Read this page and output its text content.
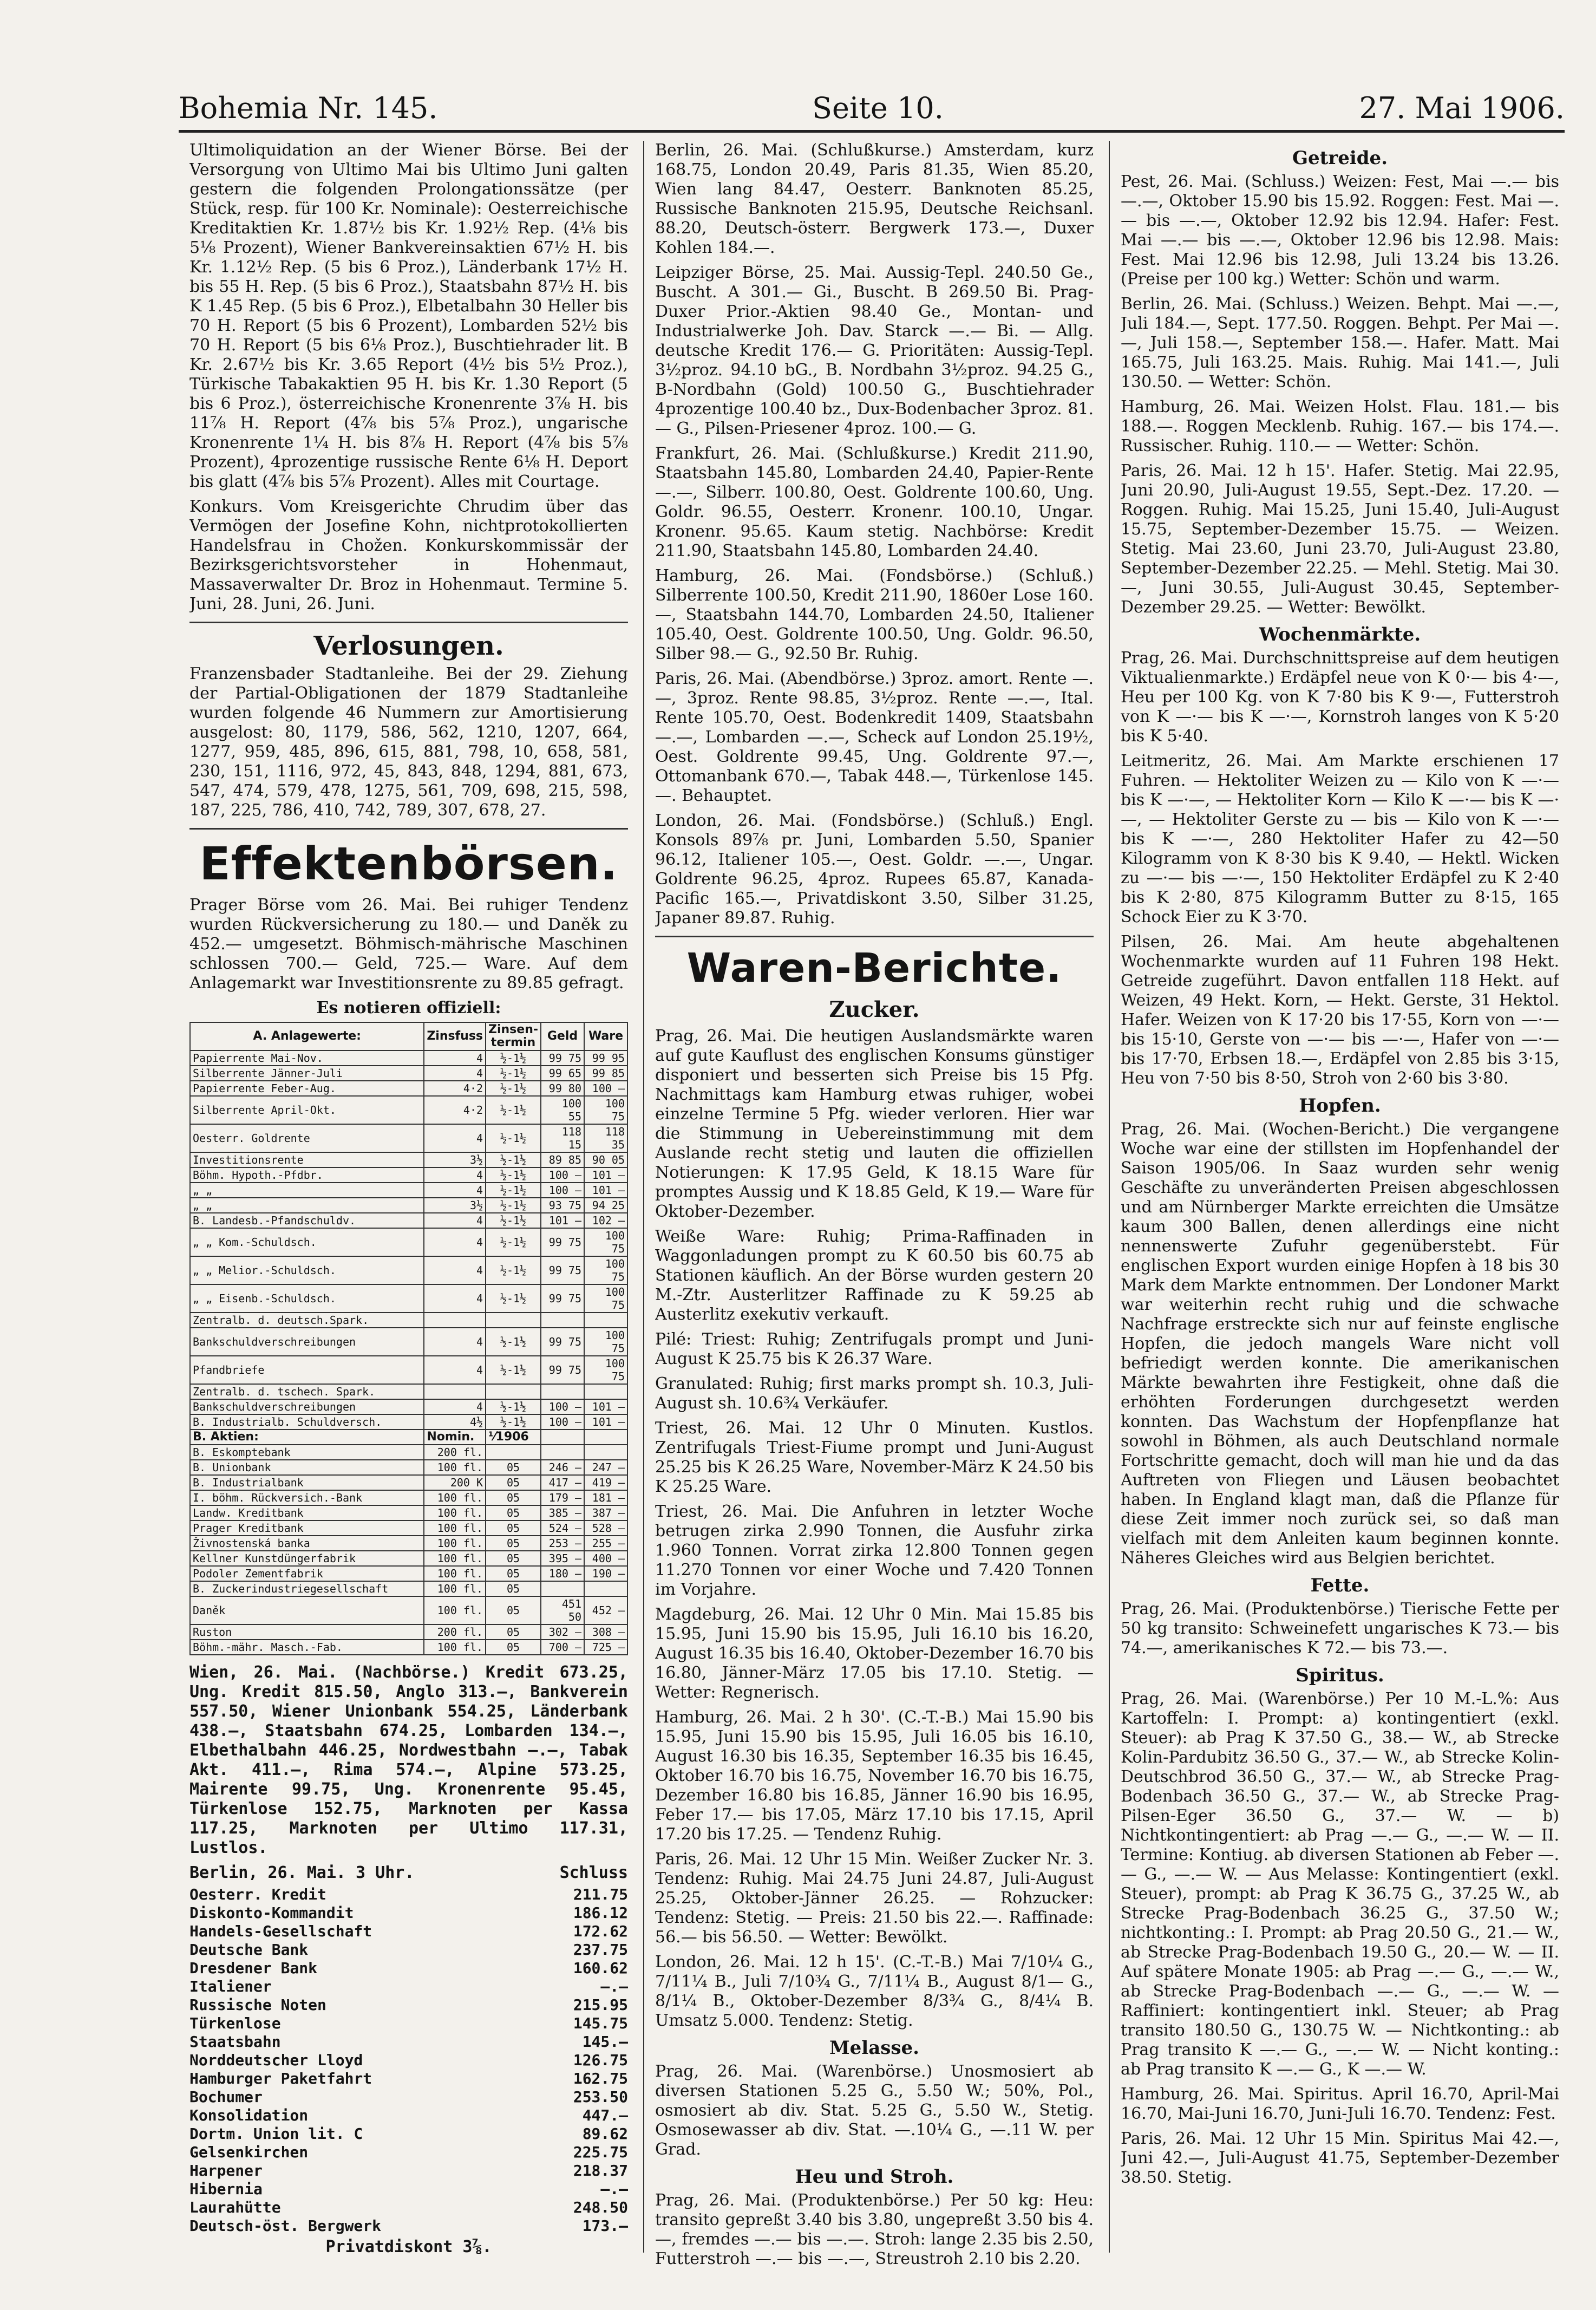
Bohemia Nr. 145.	Seite 10.	27. Mai 1906.

Ultimoliquidation an der Wiener Börse. Bei der Versorgung von Ultimo Mai bis Ultimo Juni galten gestern die folgenden Prolongationssätze (per Stück, resp. für 100 Kr. Nominale): Oesterreichische Kreditaktien Kr. 1.87½ bis Kr. 1.92½ Rep. (4⅛ bis 5⅛ Prozent), Wiener Bankvereinsaktien 67½ H. bis Kr. 1.12½ Rep. (5 bis 6 Proz.), Länderbank 17½ H. bis 55 H. Rep. (5 bis 6 Proz.), Staatsbahn 87½ H. bis K 1.45 Rep. (5 bis 6 Proz.), Elbetalbahn 30 Heller bis 70 H. Report (5 bis 6 Prozent), Lombarden 52½ bis 70 H. Report (5 bis 6⅛ Proz.), Buschtiehrader lit. B Kr. 2.67½ bis Kr. 3.65 Report (4½ bis 5½ Proz.), Türkische Tabakaktien 95 H. bis Kr. 1.30 Report (5 bis 6 Proz.), österreichische Kronenrente 3⅞ H. bis 11⅞ H. Report (4⅞ bis 5⅞ Proz.), ungarische Kronenrente 1¼ H. bis 8⅞ H. Report (4⅞ bis 5⅞ Prozent), 4prozentige russische Rente 6⅛ H. Deport bis glatt (4⅞ bis 5⅞ Prozent). Alles mit Courtage.

Konkurs. Vom Kreisgerichte Chrudim über das Vermögen der Josefine Kohn, nichtprotokollierten Handelsfrau in Chožen. Konkurskommissär der Bezirksgerichtsvorsteher in Hohenmaut, Massaverwalter Dr. Broz in Hohenmaut. Termine 5. Juni, 28. Juni, 26. Juni.

Verlosungen.

Franzensbader Stadtanleihe. Bei der 29. Ziehung der Partial-Obligationen der 1879 Stadtanleihe wurden folgende 46 Nummern zur Amortisierung ausgelost: 80, 1179, 586, 562, 1210, 1207, 664, 1277, 959, 485, 896, 615, 881, 798, 10, 658, 581, 230, 151, 1116, 972, 45, 843, 848, 1294, 881, 673, 547, 474, 579, 478, 1275, 561, 709, 698, 215, 598, 187, 225, 786, 410, 742, 789, 307, 678, 27.

Effektenbörsen.

Prager Börse vom 26. Mai. Bei ruhiger Tendenz wurden Rückversicherung zu 180.— und Daněk zu 452.— umgesetzt. Böhmisch-mährische Maschinen schlossen 700.— Geld, 725.— Ware. Auf dem Anlagemarkt war Investitionsrente zu 89.85 gefragt.

Es notieren offiziell:
A. Anlagewerte:	Zinsfuss	Zinsen-termin	Geld	Ware
Papierrente Mai-Nov.	4	½-1½	99 75	99 95
Silberrente Jänner-Juli	4	½-1½	99 65	99 85
Papierrente Feber-Aug.	4·2	½-1½	99 80	100 —
Silberrente April-Okt.	4·2	½-1½	100 55	100 75
Oesterr. Goldrente	4	½-1½	118 15	118 35
Investitionsrente	3½	½-1½	89 85	90 05
Böhm. Hypoth.-Pfdbr.	4	½-1½	100 —	101 —
„ „	4	½-1½	100 —	101 —
„ „	3½	½-1½	93 75	94 25
B. Landesb.-Pfandschuldv.	4	½-1½	101 —	102 —
„ „ Kom.-Schuldsch.	4	½-1½	99 75	100 75
„ „ Melior.-Schuldsch.	4	½-1½	99 75	100 75
„ „ Eisenb.-Schuldsch.	4	½-1½	99 75	100 75
Zentralb. d. deutsch.Spark.				
Bankschuldverschreibungen	4	½-1½	99 75	100 75
Pfandbriefe	4	½-1½	99 75	100 75
Zentralb. d. tschech. Spark.				
Bankschuldverschreibungen	4	½-1½	100 —	101 —
B. Industrialb. Schuldversch.	4½	½-1½	100 —	101 —
B. Aktien:	Nomin.	⅟1906		
B. Eskomptebank	200 fl.			
B. Unionbank	100 fl.	05	246 —	247 —
B. Industrialbank	200 K	05	417 —	419 —
I. böhm. Rückversich.-Bank	100 fl.	05	179 —	181 —
Landw. Kreditbank	100 fl.	05	385 —	387 —
Prager Kreditbank	100 fl.	05	524 —	528 —
Živnostenská banka	100 fl.	05	253 —	255 —
Kellner Kunstdüngerfabrik	100 fl.	05	395 —	400 —
Podoler Zementfabrik	100 fl.	05	180 —	190 —
B. Zuckerindustriegesellschaft	100 fl.	05		
Daněk	100 fl.	05	451 50	452 —
Ruston	200 fl.	05	302 —	308 —
Böhm.-mähr. Masch.-Fab.	100 fl.	05	700 —	725 —

Wien, 26. Mai. (Nachbörse.) Kredit 673.25, Ung. Kredit 815.50, Anglo 313.—, Bankverein 557.50, Wiener Unionbank 554.25, Länderbank 438.—, Staatsbahn 674.25, Lombarden 134.—, Elbethalbahn 446.25, Nordwestbahn —.—, Tabak Akt. 411.—, Rima 574.—, Alpine 573.25, Mairente 99.75, Ung. Kronenrente 95.45, Türkenlose 152.75, Marknoten per Kassa 117.25, Marknoten per Ultimo 117.31, Lustlos.

Berlin, 26. Mai. 3 Uhr.	Schluss
Oesterr. Kredit	211.75
Diskonto-Kommandit	186.12
Handels-Gesellschaft	172.62
Deutsche Bank	237.75
Dresdener Bank	160.62
Italiener	—.—
Russische Noten	215.95
Türkenlose	145.75
Staatsbahn	145.—
Norddeutscher Lloyd	126.75
Hamburger Paketfahrt	162.75
Bochumer	253.50
Konsolidation	447.—
Dortm. Union lit. C	89.62
Gelsenkirchen	225.75
Harpener	218.37
Hibernia	—.—
Laurahütte	248.50
Deutsch-öst. Bergwerk	173.—
Privatdiskont 3⅞.

Berlin, 26. Mai. (Schlußkurse.) Amsterdam, kurz 168.75, London 20.49, Paris 81.35, Wien 85.20, Wien lang 84.47, Oesterr. Banknoten 85.25, Russische Banknoten 215.95, Deutsche Reichsanl. 88.20, Deutsch-österr. Bergwerk 173.—, Duxer Kohlen 184.—.

Leipziger Börse, 25. Mai. Aussig-Tepl. 240.50 Ge., Buscht. A 301.— Gi., Buscht. B 269.50 Bi. Prag-Duxer Prior.-Aktien 98.40 Ge., Montan- und Industrialwerke Joh. Dav. Starck —.— Bi. — Allg. deutsche Kredit 176.— G. Prioritäten: Aussig-Tepl. 3½proz. 94.10 bG., B. Nordbahn 3½proz. 94.25 G., B-Nordbahn (Gold) 100.50 G., Buschtiehrader 4prozentige 100.40 bz., Dux-Bodenbacher 3proz. 81.— G., Pilsen-Priesener 4proz. 100.— G.

Frankfurt, 26. Mai. (Schlußkurse.) Kredit 211.90, Staatsbahn 145.80, Lombarden 24.40, Papier-Rente —.—, Silberr. 100.80, Oest. Goldrente 100.60, Ung. Goldr. 96.55, Oesterr. Kronenr. 100.10, Ungar. Kronenr. 95.65. Kaum stetig. Nachbörse: Kredit 211.90, Staatsbahn 145.80, Lombarden 24.40.

Hamburg, 26. Mai. (Fondsbörse.) (Schluß.) Silberrente 100.50, Kredit 211.90, 1860er Lose 160.—, Staatsbahn 144.70, Lombarden 24.50, Italiener 105.40, Oest. Goldrente 100.50, Ung. Goldr. 96.50, Silber 98.— G., 92.50 Br. Ruhig.

Paris, 26. Mai. (Abendbörse.) 3proz. amort. Rente —.—, 3proz. Rente 98.85, 3½proz. Rente —.—, Ital. Rente 105.70, Oest. Bodenkredit 1409, Staatsbahn —.—, Lombarden —.—, Scheck auf London 25.19½, Oest. Goldrente 99.45, Ung. Goldrente 97.—, Ottomanbank 670.—, Tabak 448.—, Türkenlose 145.—. Behauptet.

London, 26. Mai. (Fondsbörse.) (Schluß.) Engl. Konsols 89⅞ pr. Juni, Lombarden 5.50, Spanier 96.12, Italiener 105.—, Oest. Goldr. —.—, Ungar. Goldrente 96.25, 4proz. Rupees 65.87, Kanada-Pacific 165.—, Privatdiskont 3.50, Silber 31.25, Japaner 89.87. Ruhig.

Waren-Berichte.
Zucker.

Prag, 26. Mai. Die heutigen Auslandsmärkte waren auf gute Kauflust des englischen Konsums günstiger disponiert und besserten sich Preise bis 15 Pfg. Nachmittags kam Hamburg etwas ruhiger, wobei einzelne Termine 5 Pfg. wieder verloren. Hier war die Stimmung in Uebereinstimmung mit dem Auslande recht stetig und lauten die offiziellen Notierungen: K 17.95 Geld, K 18.15 Ware für promptes Aussig und K 18.85 Geld, K 19.— Ware für Oktober-Dezember.

Weiße Ware: Ruhig; Prima-Raffinaden in Waggonladungen prompt zu K 60.50 bis 60.75 ab Stationen käuflich. An der Börse wurden gestern 20 M.-Ztr. Austerlitzer Raffinade zu K 59.25 ab Austerlitz exekutiv verkauft.

Pilé: Triest: Ruhig; Zentrifugals prompt und Juni-August K 25.75 bis K 26.37 Ware.

Granulated: Ruhig; first marks prompt sh. 10.3, Juli-August sh. 10.6¾ Verkäufer.

Triest, 26. Mai. 12 Uhr 0 Minuten. Kustlos. Zentrifugals Triest-Fiume prompt und Juni-August 25.25 bis K 26.25 Ware, November-März K 24.50 bis K 25.25 Ware.

Triest, 26. Mai. Die Anfuhren in letzter Woche betrugen zirka 2.990 Tonnen, die Ausfuhr zirka 1.960 Tonnen. Vorrat zirka 12.800 Tonnen gegen 11.270 Tonnen vor einer Woche und 7.420 Tonnen im Vorjahre.

Magdeburg, 26. Mai. 12 Uhr 0 Min. Mai 15.85 bis 15.95, Juni 15.90 bis 15.95, Juli 16.10 bis 16.20, August 16.35 bis 16.40, Oktober-Dezember 16.70 bis 16.80, Jänner-März 17.05 bis 17.10. Stetig. — Wetter: Regnerisch.

Hamburg, 26. Mai. 2 h 30'. (C.-T.-B.) Mai 15.90 bis 15.95, Juni 15.90 bis 15.95, Juli 16.05 bis 16.10, August 16.30 bis 16.35, September 16.35 bis 16.45, Oktober 16.70 bis 16.75, November 16.70 bis 16.75, Dezember 16.80 bis 16.85, Jänner 16.90 bis 16.95, Feber 17.— bis 17.05, März 17.10 bis 17.15, April 17.20 bis 17.25. — Tendenz Ruhig.

Paris, 26. Mai. 12 Uhr 15 Min. Weißer Zucker Nr. 3. Tendenz: Ruhig. Mai 24.75 Juni 24.87, Juli-August 25.25, Oktober-Jänner 26.25. — Rohzucker: Tendenz: Stetig. — Preis: 21.50 bis 22.—. Raffinade: 56.— bis 56.50. — Wetter: Bewölkt.

London, 26. Mai. 12 h 15'. (C.-T.-B.) Mai 7/10¼ G., 7/11¼ B., Juli 7/10¾ G., 7/11¼ B., August 8/1— G., 8/1¼ B., Oktober-Dezember 8/3¾ G., 8/4¼ B. Umsatz 5.000. Tendenz: Stetig.

Melasse.

Prag, 26. Mai. (Warenbörse.) Unosmosiert ab diversen Stationen 5.25 G., 5.50 W.; 50%, Pol., osmosiert ab div. Stat. 5.25 G., 5.50 W., Stetig. Osmosewasser ab div. Stat. —.10¼ G., —.11 W. per Grad.

Heu und Stroh.

Prag, 26. Mai. (Produktenbörse.) Per 50 kg: Heu: transito gepreßt 3.40 bis 3.80, ungepreßt 3.50 bis 4.—, fremdes —.— bis —.—. Stroh: lange 2.35 bis 2.50, Futterstroh —.— bis —.—, Streustroh 2.10 bis 2.20.

Getreide.

Pest, 26. Mai. (Schluss.) Weizen: Fest, Mai —.— bis —.—, Oktober 15.90 bis 15.92. Roggen: Fest. Mai —.— bis —.—, Oktober 12.92 bis 12.94. Hafer: Fest. Mai —.— bis —.—, Oktober 12.96 bis 12.98. Mais: Fest. Mai 12.96 bis 12.98, Juli 13.24 bis 13.26. (Preise per 100 kg.) Wetter: Schön und warm.

Berlin, 26. Mai. (Schluss.) Weizen. Behpt. Mai —.—, Juli 184.—, Sept. 177.50. Roggen. Behpt. Per Mai —.—, Juli 158.—, September 158.—. Hafer. Matt. Mai 165.75, Juli 163.25. Mais. Ruhig. Mai 141.—, Juli 130.50. — Wetter: Schön.

Hamburg, 26. Mai. Weizen Holst. Flau. 181.— bis 188.—. Roggen Mecklenb. Ruhig. 167.— bis 174.—. Russischer. Ruhig. 110.— — Wetter: Schön.

Paris, 26. Mai. 12 h 15'. Hafer. Stetig. Mai 22.95, Juni 20.90, Juli-August 19.55, Sept.-Dez. 17.20. — Roggen. Ruhig. Mai 15.25, Juni 15.40, Juli-August 15.75, September-Dezember 15.75. — Weizen. Stetig. Mai 23.60, Juni 23.70, Juli-August 23.80, September-Dezember 22.25. — Mehl. Stetig. Mai 30.—, Juni 30.55, Juli-August 30.45, September-Dezember 29.25. — Wetter: Bewölkt.

Wochenmärkte.

Prag, 26. Mai. Durchschnittspreise auf dem heutigen Viktualienmarkte.) Erdäpfel neue von K 0·— bis 4·—, Heu per 100 Kg. von K 7·80 bis K 9·—, Futterstroh von K —·— bis K —·—, Kornstroh langes von K 5·20 bis K 5·40.

Leitmeritz, 26. Mai. Am Markte erschienen 17 Fuhren. — Hektoliter Weizen zu — Kilo von K —·— bis K —·—, — Hektoliter Korn — Kilo K —·— bis K —·—, — Hektoliter Gerste zu — bis — Kilo von K —·— bis K —·—, 280 Hektoliter Hafer zu 42—50 Kilogramm von K 8·30 bis K 9.40, — Hektl. Wicken zu —·— bis —·—, 150 Hektoliter Erdäpfel zu K 2·40 bis K 2·80, 875 Kilogramm Butter zu 8·15, 165 Schock Eier zu K 3·70.

Pilsen, 26. Mai. Am heute abgehaltenen Wochenmarkte wurden auf 11 Fuhren 198 Hekt. Getreide zugeführt. Davon entfallen 118 Hekt. auf Weizen, 49 Hekt. Korn, — Hekt. Gerste, 31 Hektol. Hafer. Weizen von K 17·20 bis 17·55, Korn von —·— bis 15·10, Gerste von —·— bis —·—, Hafer von —·— bis 17·70, Erbsen 18.—, Erdäpfel von 2.85 bis 3·15, Heu von 7·50 bis 8·50, Stroh von 2·60 bis 3·80.

Hopfen.

Prag, 26. Mai. (Wochen-Bericht.) Die vergangene Woche war eine der stillsten im Hopfenhandel der Saison 1905/06. In Saaz wurden sehr wenig Geschäfte zu unveränderten Preisen abgeschlossen und am Nürnberger Markte erreichten die Umsätze kaum 300 Ballen, denen allerdings eine nicht nennenswerte Zufuhr gegenüberstebt. Für englischen Export wurden einige Hopfen à 18 bis 30 Mark dem Markte entnommen. Der Londoner Markt war weiterhin recht ruhig und die schwache Nachfrage erstreckte sich nur auf feinste englische Hopfen, die jedoch mangels Ware nicht voll befriedigt werden konnte. Die amerikanischen Märkte bewahrten ihre Festigkeit, ohne daß die erhöhten Forderungen durchgesetzt werden konnten. Das Wachstum der Hopfenpflanze hat sowohl in Böhmen, als auch Deutschland normale Fortschritte gemacht, doch will man hie und da das Auftreten von Fliegen und Läusen beobachtet haben. In England klagt man, daß die Pflanze für diese Zeit immer noch zurück sei, so daß man vielfach mit dem Anleiten kaum beginnen konnte. Näheres Gleiches wird aus Belgien berichtet.

Fette.

Prag, 26. Mai. (Produktenbörse.) Tierische Fette per 50 kg transito: Schweinefett ungarisches K 73.— bis 74.—, amerikanisches K 72.— bis 73.—.

Spiritus.

Prag, 26. Mai. (Warenbörse.) Per 10 M.-L.%: Aus Kartoffeln: I. Prompt: a) kontingentiert (exkl. Steuer): ab Prag K 37.50 G., 38.— W., ab Strecke Kolin-Pardubitz 36.50 G., 37.— W., ab Strecke Kolin-Deutschbrod 36.50 G., 37.— W., ab Strecke Prag-Bodenbach 36.50 G., 37.— W., ab Strecke Prag-Pilsen-Eger 36.50 G., 37.— W. — b) Nichtkontingentiert: ab Prag —.— G., —.— W. — II. Termine: Kontiug. ab diversen Stationen ab Feber —.— G., —.— W. — Aus Melasse: Kontingentiert (exkl. Steuer), prompt: ab Prag K 36.75 G., 37.25 W., ab Strecke Prag-Bodenbach 36.25 G., 37.50 W.; nichtkonting.: I. Prompt: ab Prag 20.50 G., 21.— W., ab Strecke Prag-Bodenbach 19.50 G., 20.— W. — II. Auf spätere Monate 1905: ab Prag —.— G., —.— W., ab Strecke Prag-Bodenbach —.— G., —.— W. — Raffiniert: kontingentiert inkl. Steuer; ab Prag transito 180.50 G., 130.75 W. — Nichtkonting.: ab Prag transito K —.— G., —.— W. — Nicht konting.: ab Prag transito K —.— G., K —.— W.

Hamburg, 26. Mai. Spiritus. April 16.70, April-Mai 16.70, Mai-Juni 16.70, Juni-Juli 16.70. Tendenz: Fest.

Paris, 26. Mai. 12 Uhr 15 Min. Spiritus Mai 42.—, Juni 42.—, Juli-August 41.75, September-Dezember 38.50. Stetig.
